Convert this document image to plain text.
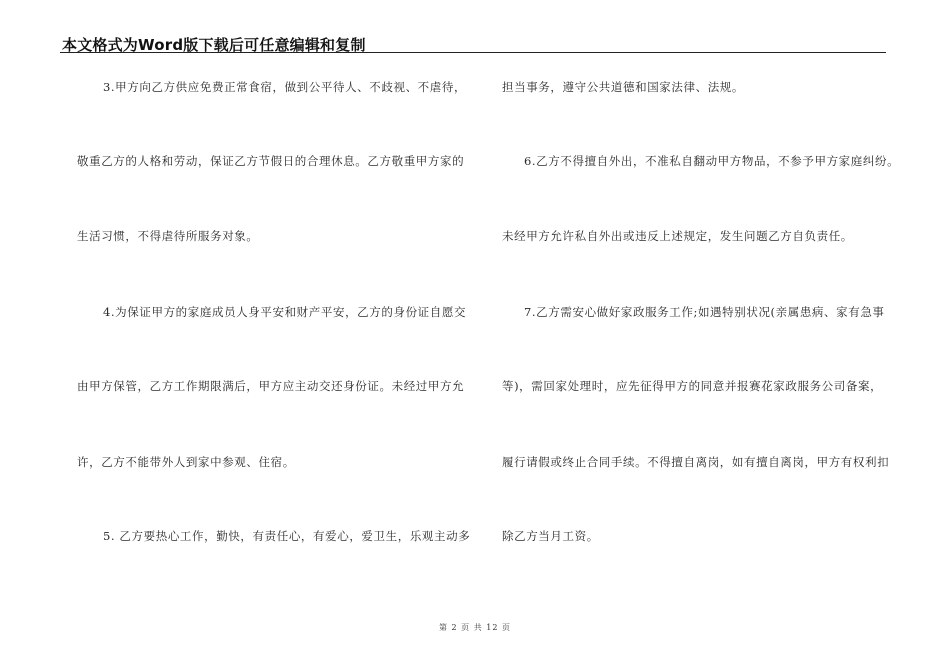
本文格式为Word版下载后可任意编辑和复制
3.甲方向乙方供应免费正常食宿，做到公平待人、不歧视、不虐待，
敬重乙方的人格和劳动，保证乙方节假日的合理休息。乙方敬重甲方家的
生活习惯，不得虐待所服务对象。
4.为保证甲方的家庭成员人身平安和财产平安，乙方的身份证自愿交
由甲方保管，乙方工作期限满后，甲方应主动交还身份证。未经过甲方允
许，乙方不能带外人到家中参观、住宿。
5. 乙方要热心工作，勤快，有责任心，有爱心，爱卫生，乐观主动多
担当事务，遵守公共道德和国家法律、法规。
6.乙方不得擅自外出，不准私自翻动甲方物品，不参予甲方家庭纠纷。
未经甲方允许私自外出或违反上述规定，发生问题乙方自负责任。
7.乙方需安心做好家政服务工作;如遇特别状况(亲属患病、家有急事
等)，需回家处理时，应先征得甲方的同意并报赛花家政服务公司备案，
履行请假或终止合同手续。不得擅自离岗，如有擅自离岗，甲方有权利扣
除乙方当月工资。
第 2 页 共 12 页
